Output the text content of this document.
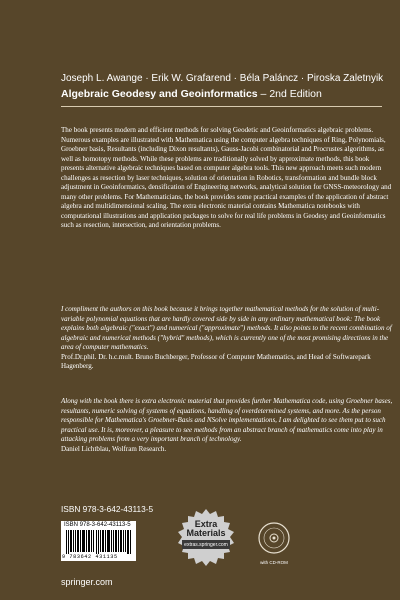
Joseph L. Awange · Erik W. Grafarend · Béla Paláncz · Piroska Zaletnyik
Algebraic Geodesy and Geoinformatics – 2nd Edition

The book presents modern and efficient methods for solving Geodetic and Geoinformatics algebraic problems. Numerous examples are illustrated with Mathematica using the computer algebra techniques of Ring, Polynomials, Groebner basis, Resultants (including Dixon resultants), Gauss-Jacobi combinatorial and Procrustes algorithms, as well as homotopy methods. While these problems are traditionally solved by approximate methods, this book presents alternative algebraic techniques based on computer algebra tools. This new approach meets such modern challenges as resection by laser techniques, solution of orientation in Robotics, transformation and bundle block adjustment in Geoinformatics, densification of Engineering networks, analytical solution for GNSS-meteorology and many other problems. For Mathematicians, the book provides some practical examples of the application of abstract algebra and multidimensional scaling. The extra electronic material contains Mathematica notebooks with computational illustrations and application packages to solve for real life problems in Geodesy and Geoinformatics such as resection, intersection, and orientation problems.

I compliment the authors on this book because it brings together mathematical methods for the solution of multi-variable polynomial equations that are hardly covered side by side in any ordinary mathematical book: The book explains both algebraic ("exact") and numerical ("approximate") methods. It also points to the recent combination of algebraic and numerical methods ("hybrid" methods), which is currently one of the most promising directions in the area of computer mathematics.
Prof.Dr.phil. Dr. h.c.mult. Bruno Buchberger, Professor of Computer Mathematics, and Head of Softwarepark Hagenberg.
Along with the book there is extra electronic material that provides further Mathematica code, using Groebner bases, resultants, numeric solving of systems of equations, handling of overdetermined systems, and more. As the person responsible for Mathematica's Groebner-Basis and NSolve implementations, I am delighted to see them put to such practical use. It is, moreover, a pleasure to see methods from an abstract branch of mathematics come into play in attacking problems from a very important branch of technology.
Daniel Lichtblau, Wolfram Research.
ISBN 978-3-642-43113-5
ISBN 978-3-642-43113-5
9 783642 431135
Extra
Materials
extras.springer.com
with CD-ROM
springer.com
